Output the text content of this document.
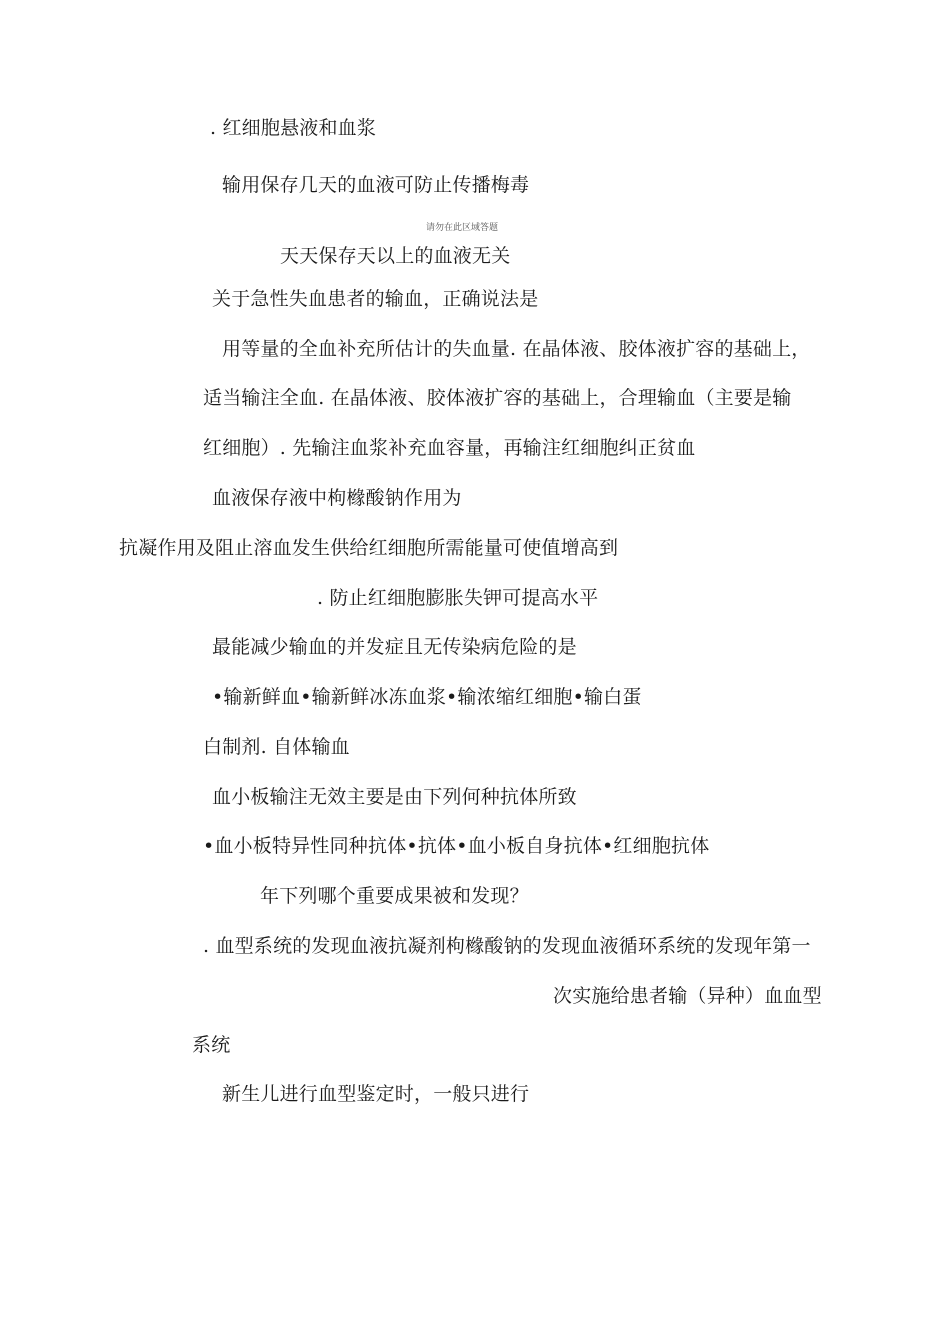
. 红细胞悬液和血浆
输用保存几天的血液可防止传播梅毒
请勿在此区域答题
天天保存天以上的血液无关
关于急性失血患者的输血，正确说法是
用等量的全血补充所估计的失血量. 在晶体液、胶体液扩容的基础上，
适当输注全血. 在晶体液、胶体液扩容的基础上，合理输血（主要是输
红细胞）. 先输注血浆补充血容量，再输注红细胞纠正贫血
血液保存液中枸橼酸钠作用为
抗凝作用及阻止溶血发生供给红细胞所需能量可使值增高到
. 防止红细胞膨胀失钾可提高水平
最能减少输血的并发症且无传染病危险的是
•输新鲜血•输新鲜冰冻血浆•输浓缩红细胞•输白蛋
白制剂. 自体输血
血小板输注无效主要是由下列何种抗体所致
•血小板特异性同种抗体•抗体•血小板自身抗体•红细胞抗体
年下列哪个重要成果被和发现？
. 血型系统的发现血液抗凝剂枸橼酸钠的发现血液循环系统的发现年第一
次实施给患者输（异种）血血型
系统
新生儿进行血型鉴定时，一般只进行
